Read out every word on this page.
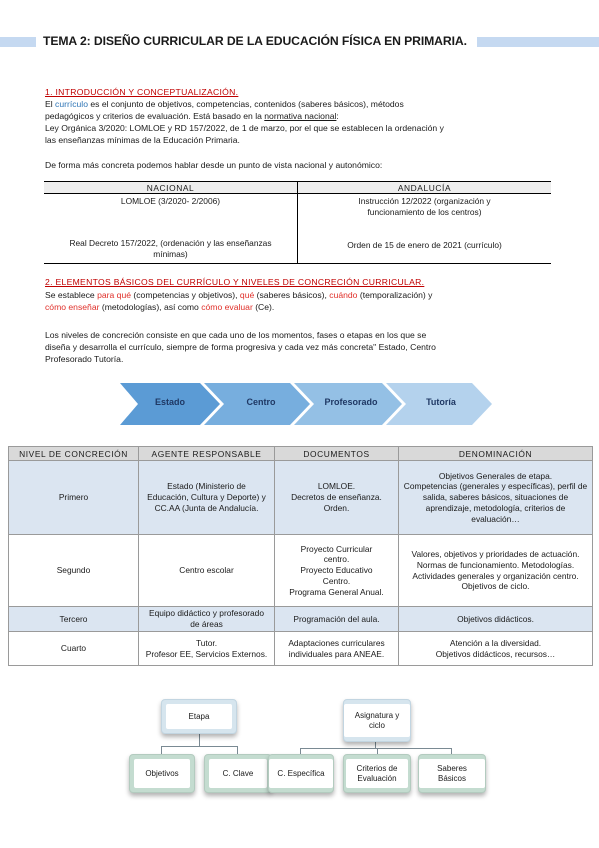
TEMA 2: DISEÑO CURRICULAR DE LA EDUCACIÓN FÍSICA EN PRIMARIA.
1. INTRODUCCIÓN Y CONCEPTUALIZACIÓN.
El currículo es el conjunto de objetivos, competencias, contenidos (saberes básicos), métodos
pedagógicos y criterios de evaluación. Está basado en la normativa nacional:
Ley Orgánica 3/2020: LOMLOE y RD 157/2022, de 1 de marzo, por el que se establecen la ordenación y
las enseñanzas mínimas de la Educación Primaria.
De forma más concreta podemos hablar desde un punto de vista nacional y autonómico:
NACIONAL	ANDALUCÍA
LOMLOE (3/2020- 2/2006)	Instrucción 12/2022 (organización y funcionamiento de los centros)
Real Decreto 157/2022, (ordenación y las enseñanzas mínimas)	Orden de 15 de enero de 2021 (currículo)
2. ELEMENTOS BÁSICOS DEL CURRÍCULO Y NIVELES DE CONCRECIÓN CURRICULAR.
Se establece para qué (competencias y objetivos), qué (saberes básicos), cuándo (temporalización) y
cómo enseñar (metodologías), así como cómo evaluar (Ce).
Los niveles de concreción consiste en que cada uno de los momentos, fases o etapas en los que se
diseña y desarrolla el currículo, siempre de forma progresiva y cada vez más concreta" Estado, Centro
Profesorado Tutoría.
Estado	Centro	Profesorado	Tutoría
NIVEL DE CONCRECIÓN	AGENTE RESPONSABLE	DOCUMENTOS	DENOMINACIÓN
Primero	Estado (Ministerio de Educación, Cultura y Deporte) y CC.AA (Junta de Andalucía.	LOMLOE.
Decretos de enseñanza.
Orden.	Objetivos Generales de etapa.
Competencias (generales y específicas), perfil de salida, saberes básicos, situaciones de aprendizaje, metodología, criterios de evaluación…
Segundo	Centro escolar	Proyecto Curricular centro.
Proyecto Educativo Centro.
Programa General Anual.	Valores, objetivos y prioridades de actuación. Normas de funcionamiento. Metodologías.
Actividades generales y organización centro. Objetivos de ciclo.
Tercero	Equipo didáctico y profesorado de áreas	Programación del aula.	Objetivos didácticos.
Cuarto	Tutor.
Profesor EE, Servicios Externos.	Adaptaciones curriculares individuales para ANEAE.	Atención a la diversidad.
Objetivos didácticos, recursos…
Etapa
Objetivos	C. Clave
Asignatura y ciclo
C. Específica
Criterios de Evaluación
Saberes Básicos
